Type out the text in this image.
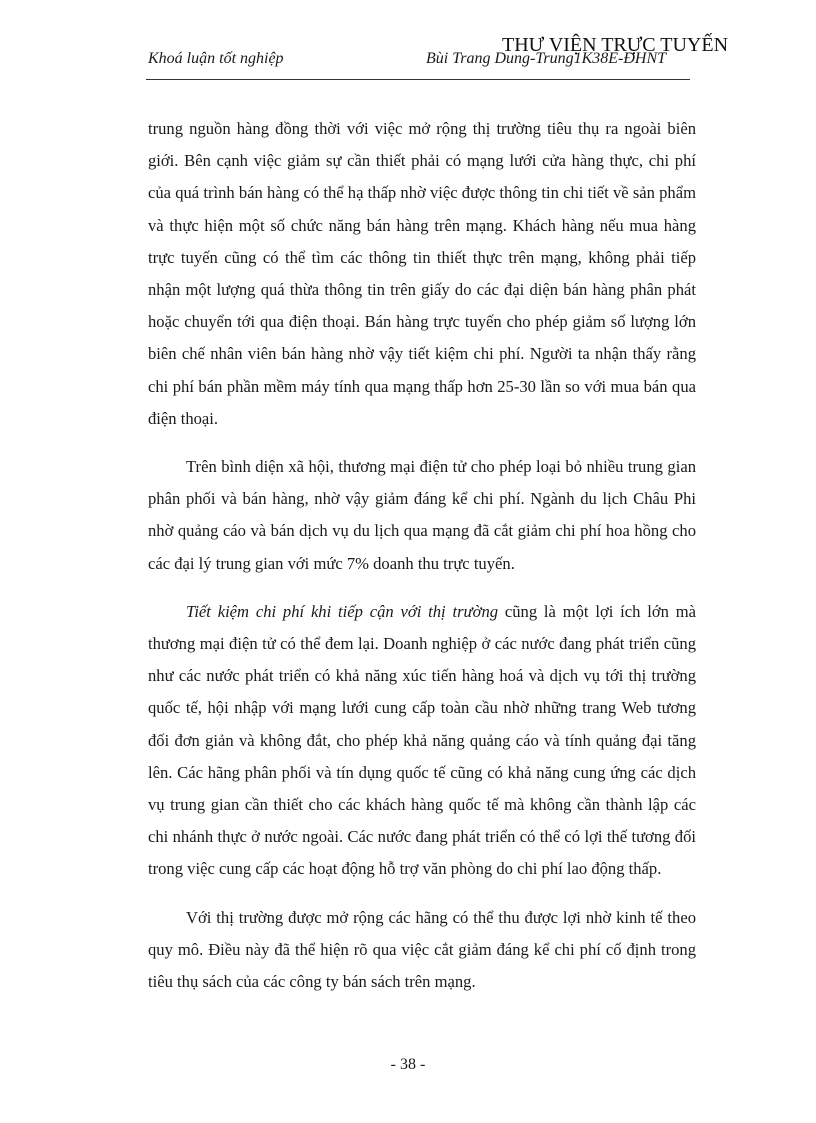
Khoá luận tốt nghiệp	Bùi Trang Dung-Trung1K38E-ĐHNT
THƯ VIỆN TRỰC TUYẾN

trung nguồn hàng đồng thời với việc mở rộng thị trường tiêu thụ ra ngoài biên giới. Bên cạnh việc giảm sự cần thiết phải có mạng lưới cửa hàng thực, chi phí của quá trình bán hàng có thể hạ thấp nhờ việc được thông tin chi tiết về sản phẩm và thực hiện một số chức năng bán hàng trên mạng. Khách hàng nếu mua hàng trực tuyến cũng có thể tìm các thông tin thiết thực trên mạng, không phải tiếp nhận một lượng quá thừa thông tin trên giấy do các đại diện bán hàng phân phát hoặc chuyển tới qua điện thoại. Bán hàng trực tuyến cho phép giảm số lượng lớn biên chế nhân viên bán hàng nhờ vậy tiết kiệm chi phí. Người ta nhận thấy rằng chi phí bán phần mềm máy tính qua mạng thấp hơn 25-30 lần so với mua bán qua điện thoại.

Trên bình diện xã hội, thương mại điện tử cho phép loại bỏ nhiều trung gian phân phối và bán hàng, nhờ vậy giảm đáng kể chi phí. Ngành du lịch Châu Phi nhờ quảng cáo và bán dịch vụ du lịch qua mạng đã cắt giảm chi phí hoa hồng cho các đại lý trung gian với mức 7% doanh thu trực tuyến.

Tiết kiệm chi phí khi tiếp cận với thị trường cũng là một lợi ích lớn mà thương mại điện tử có thể đem lại. Doanh nghiệp ở các nước đang phát triển cũng như các nước phát triển có khả năng xúc tiến hàng hoá và dịch vụ tới thị trường quốc tế, hội nhập với mạng lưới cung cấp toàn cầu nhờ những trang Web tương đối đơn giản và không đắt, cho phép khả năng quảng cáo và tính quảng đại tăng lên. Các hãng phân phối và tín dụng quốc tế cũng có khả năng cung ứng các dịch vụ trung gian cần thiết cho các khách hàng quốc tế mà không cần thành lập các chi nhánh thực ở nước ngoài. Các nước đang phát triển có thể có lợi thế tương đối trong việc cung cấp các hoạt động hỗ trợ văn phòng do chi phí lao động thấp.

Với thị trường được mở rộng các hãng có thể thu được lợi nhờ kinh tế theo quy mô. Điều này đã thể hiện rõ qua việc cắt giảm đáng kể chi phí cố định trong tiêu thụ sách của các công ty bán sách trên mạng.

- 38 -
